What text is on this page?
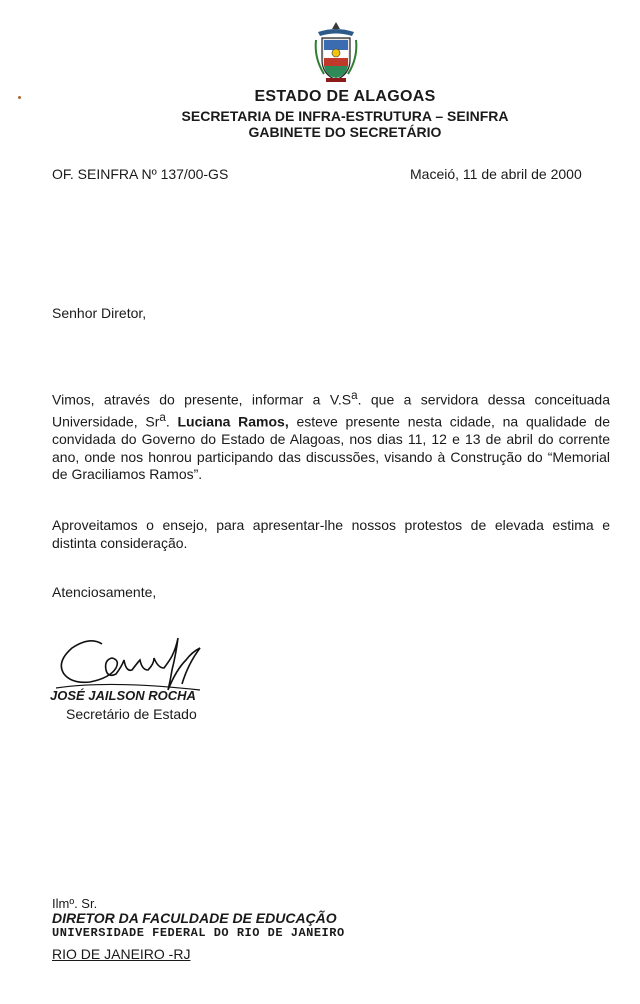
ESTADO DE ALAGOAS
SECRETARIA DE INFRA-ESTRUTURA – SEINFRA
GABINETE DO SECRETÁRIO
OF. SEINFRA Nº 137/00-GS	Maceió, 11 de abril de 2000
Senhor Diretor,
Vimos, através do presente, informar a $V.S^a$. que a servidora dessa conceituada Universidade, Sr$^a$. Luciana Ramos, esteve presente nesta cidade, na qualidade de convidada do Governo do Estado de Alagoas, nos dias 11, 12 e 13 de abril do corrente ano, onde nos honrou participando das discussões, visando à Construção do “Memorial de Graciliamos Ramos”.
Aproveitamos o ensejo, para apresentar-lhe nossos protestos de elevada estima e distinta consideração.
Atenciosamente,
JOSÉ JAILSON ROCHA
Secretário de Estado
Ilmº. Sr.
DIRETOR DA FACULDADE DE EDUCAÇÃO
UNIVERSIDADE FEDERAL DO RIO DE JANEIRO
RIO DE JANEIRO -RJ
